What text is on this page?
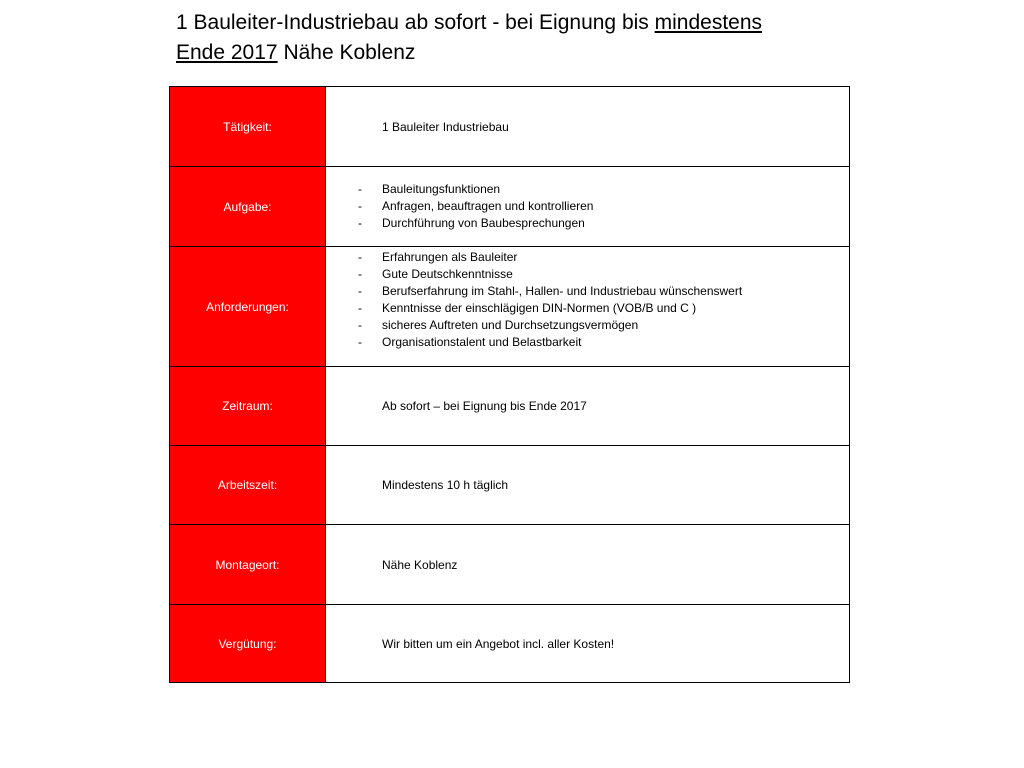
1 Bauleiter-Industriebau ab sofort - bei Eignung bis mindestens
Ende 2017 Nähe Koblenz
Tätigkeit:	1 Bauleiter Industriebau
Aufgabe:
- Bauleitungsfunktionen
- Anfragen, beauftragen und kontrollieren
- Durchführung von Baubesprechungen
Anforderungen:
- Erfahrungen als Bauleiter
- Gute Deutschkenntnisse
- Berufserfahrung im Stahl-, Hallen- und Industriebau wünschenswert
- Kenntnisse der einschlägigen DIN-Normen (VOB/B und C )
- sicheres Auftreten und Durchsetzungsvermögen
- Organisationstalent und Belastbarkeit
Zeitraum:	Ab sofort – bei Eignung bis Ende 2017
Arbeitszeit:	Mindestens 10 h täglich
Montageort:	Nähe Koblenz
Vergütung:	Wir bitten um ein Angebot incl. aller Kosten!
